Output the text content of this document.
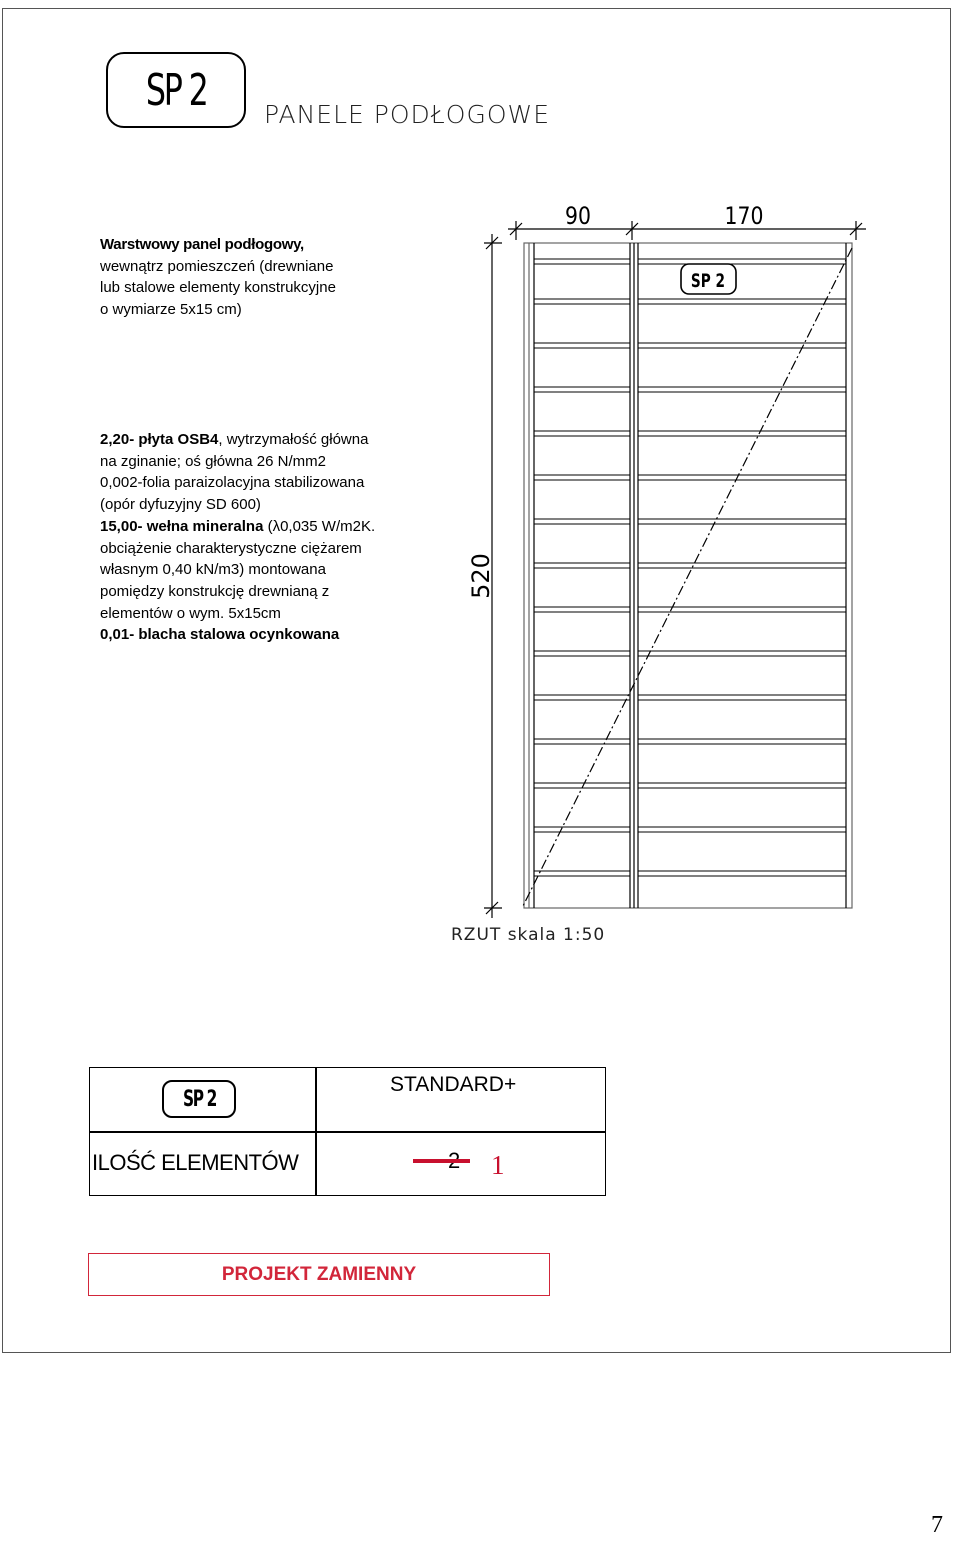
SP 2 PANELE PODŁOGOWE
Warstwowy panel podłogowy,
wewnątrz pomieszczeń (drewniane
lub stalowe elementy konstrukcyjne
o wymiarze 5x15 cm)
2,20- płyta OSB4, wytrzymałość główna
na zginanie; oś główna 26 N/mm2
0,002-folia paraizolacyjna stabilizowana
(opór dyfuzyjny SD 600)
15,00- wełna mineralna (λ0,035 W/m2K.
obciążenie charakterystyczne ciężarem
własnym 0,40 kN/m3) montowana
pomiędzy konstrukcję drewnianą z
elementów o wym. 5x15cm
0,01- blacha stalowa ocynkowana
90	170
520
SP 2
RZUT skala 1:50
SP 2
STANDARD+
ILOŚĆ ELEMENTÓW	1
PROJEKT ZAMIENNY
7
